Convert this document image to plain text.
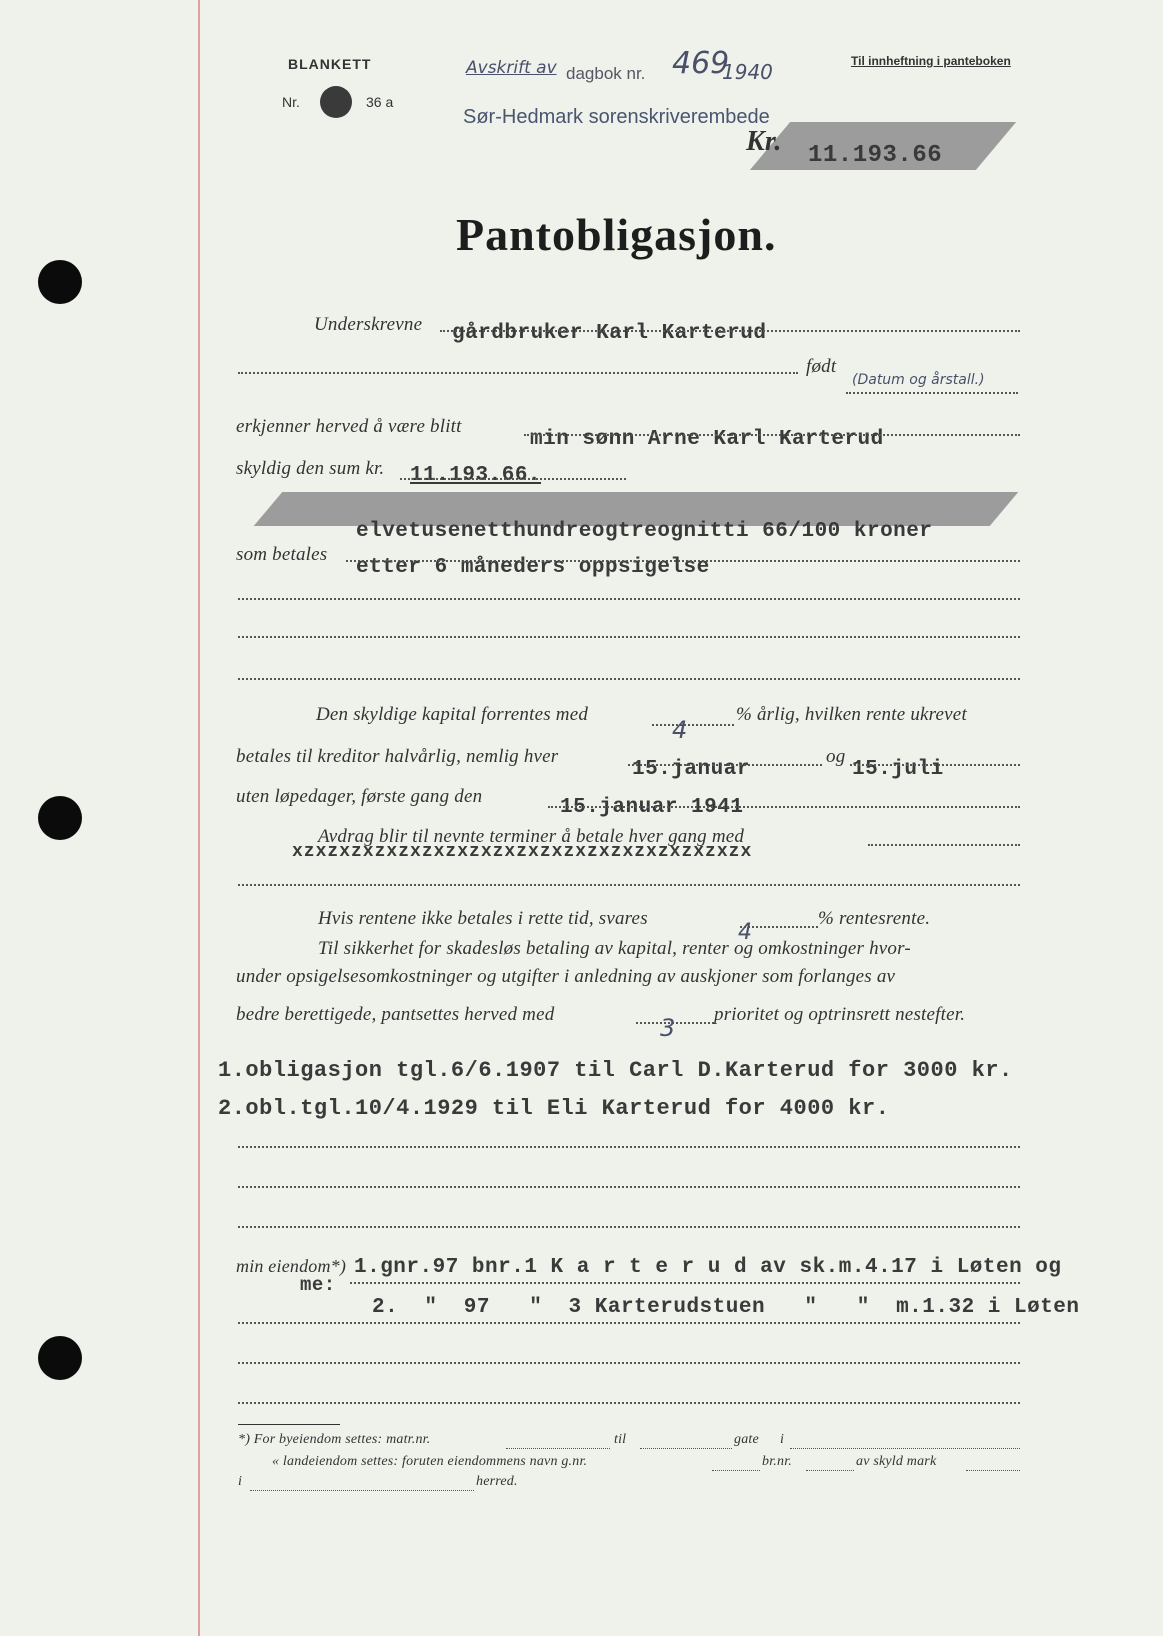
BLANKETT
Nr.	36 a
Avskrift av dagbok nr. 469
1940
Sør-Hedmark sorenskriverembede
Til innheftning i panteboken
Kr. 11.193.66
Pantobligasjon.
Underskrevne gårdbruker Karl Karterud
født
(Datum og årstall.)
erkjenner herved å være blitt
min sønn Arne Karl Karterud
skyldig den sum kr. 11.193.66.
elvetusenetthundreogtreognitti 66/100 kroner
som betales
etter 6 måneders oppsigelse
Den skyldige kapital forrentes med
4
% årlig, hvilken rente ukrevet
betales til kreditor halvårlig, nemlig hver
15.januar
og
15.juli
uten løpedager, første gang den	15.januar 1941
Avdrag blir til nevnte terminer å betale hver gang med
xzxzxzxzxzxzxzxzxzxzxzxzxzxzxzxzxzxzxzx
Hvis rentene ikke betales i rette tid, svares
4
% rentesrente.
Til sikkerhet for skadesløs betaling av kapital, renter og omkostninger hvor-
under opsigelsesomkostninger og utgifter i anledning av auskjoner som forlanges av
bedre berettigede, pantsettes herved med	3 prioritet og optrinsrett nestefter.
1.obligasjon tgl.6/6.1907 til Carl D.Karterud for 3000 kr.
2.obl.tgl.10/4.1929 til Eli Karterud for 4000 kr.
min eiendom*)
me:
1.gnr.97 bnr.1 K a r t e r u d av sk.m.4.17 i Løten og
2.  "  97   "  3 Karterudstuen   "   "  m.1.32 i Løten
*) For byeiendom settes: matr.nr.	til	gate i
« landeiendom settes: foruten eiendommens navn g.nr.	br.nr.	av skyld mark
i	herred.
